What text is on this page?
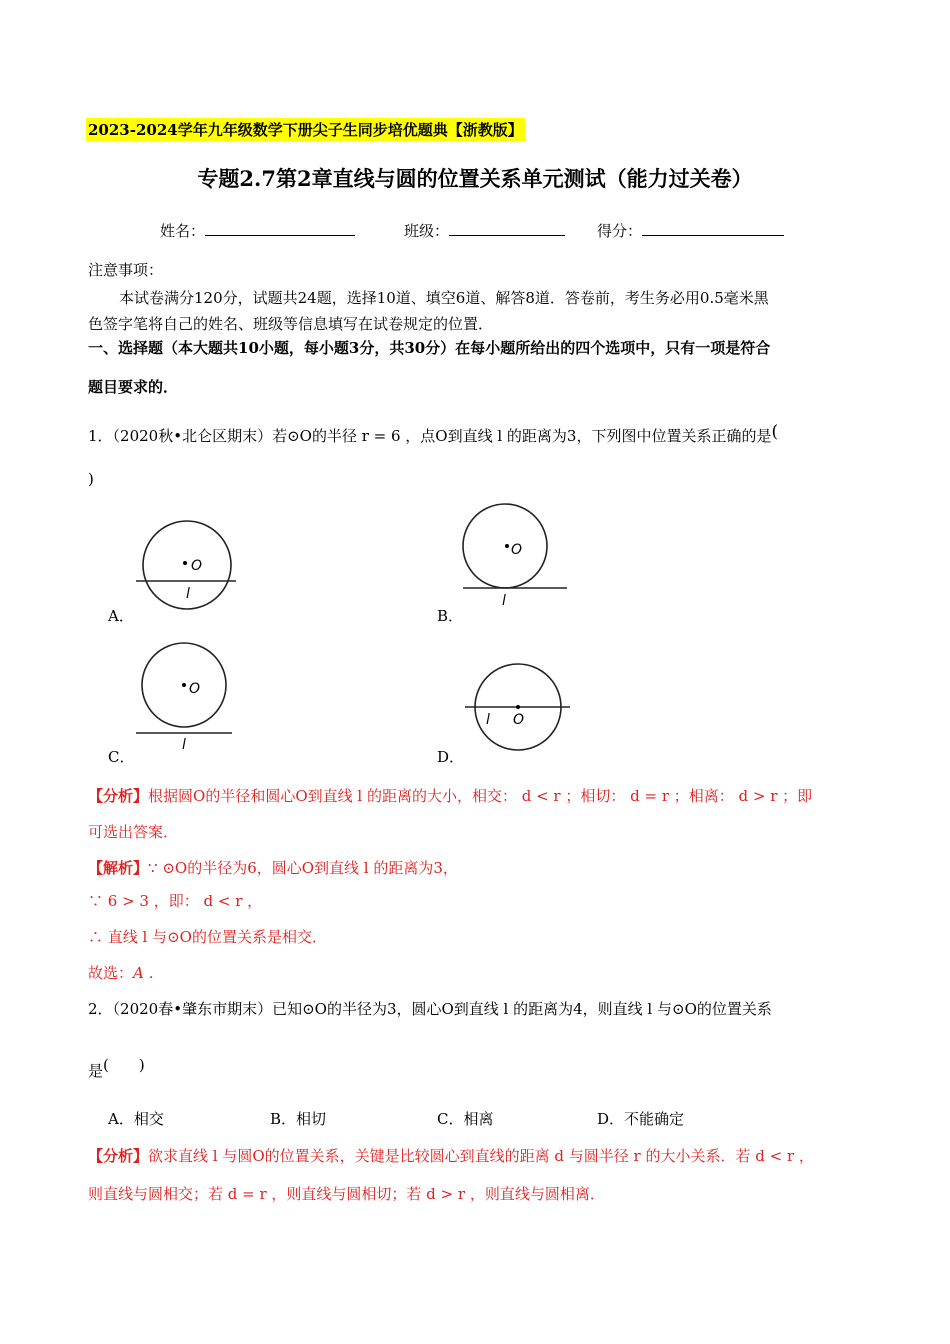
2023-2024学年九年级数学下册尖子生同步培优题典【浙教版】
专题2.7第2章直线与圆的位置关系单元测试（能力过关卷）
姓名：	班级：	得分：
注意事项：
本试卷满分120分，试题共24题，选择10道、填空6道、解答8道．答卷前，考生务必用0.5毫米黑
色签字笔将自己的姓名、班级等信息填写在试卷规定的位置．
一、选择题（本大题共10小题，每小题3分，共30分）在每小题所给出的四个选项中，只有一项是符合
题目要求的．
1．（2020秋•北仑区期末）若⊙O的半径 r = 6 ，点O到直线 l 的距离为3，下列图中位置关系正确的是(
)
O
l
A．
O
l
B．
O
l
C．
O
l
D．
【分析】根据圆O的半径和圆心O到直线 l 的距离的大小，相交： d < r ；相切： d = r ；相离： d > r ；即
可选出答案．
【解析】∵ ⊙O的半径为6，圆心O到直线 l 的距离为3，
∵ 6 > 3 ，即： d < r ，
∴ 直线 l 与⊙O的位置关系是相交．
故选：A ．
2．（2020春•肇东市期末）已知⊙O的半径为3，圆心O到直线 l 的距离为4，则直线 l 与⊙O的位置关系
是(　　)
A．相交	B．相切	C．相离	D．不能确定
【分析】欲求直线 l 与圆O的位置关系，关键是比较圆心到直线的距离 d 与圆半径 r 的大小关系．若 d < r ，
则直线与圆相交；若 d = r ，则直线与圆相切；若 d > r ，则直线与圆相离．
